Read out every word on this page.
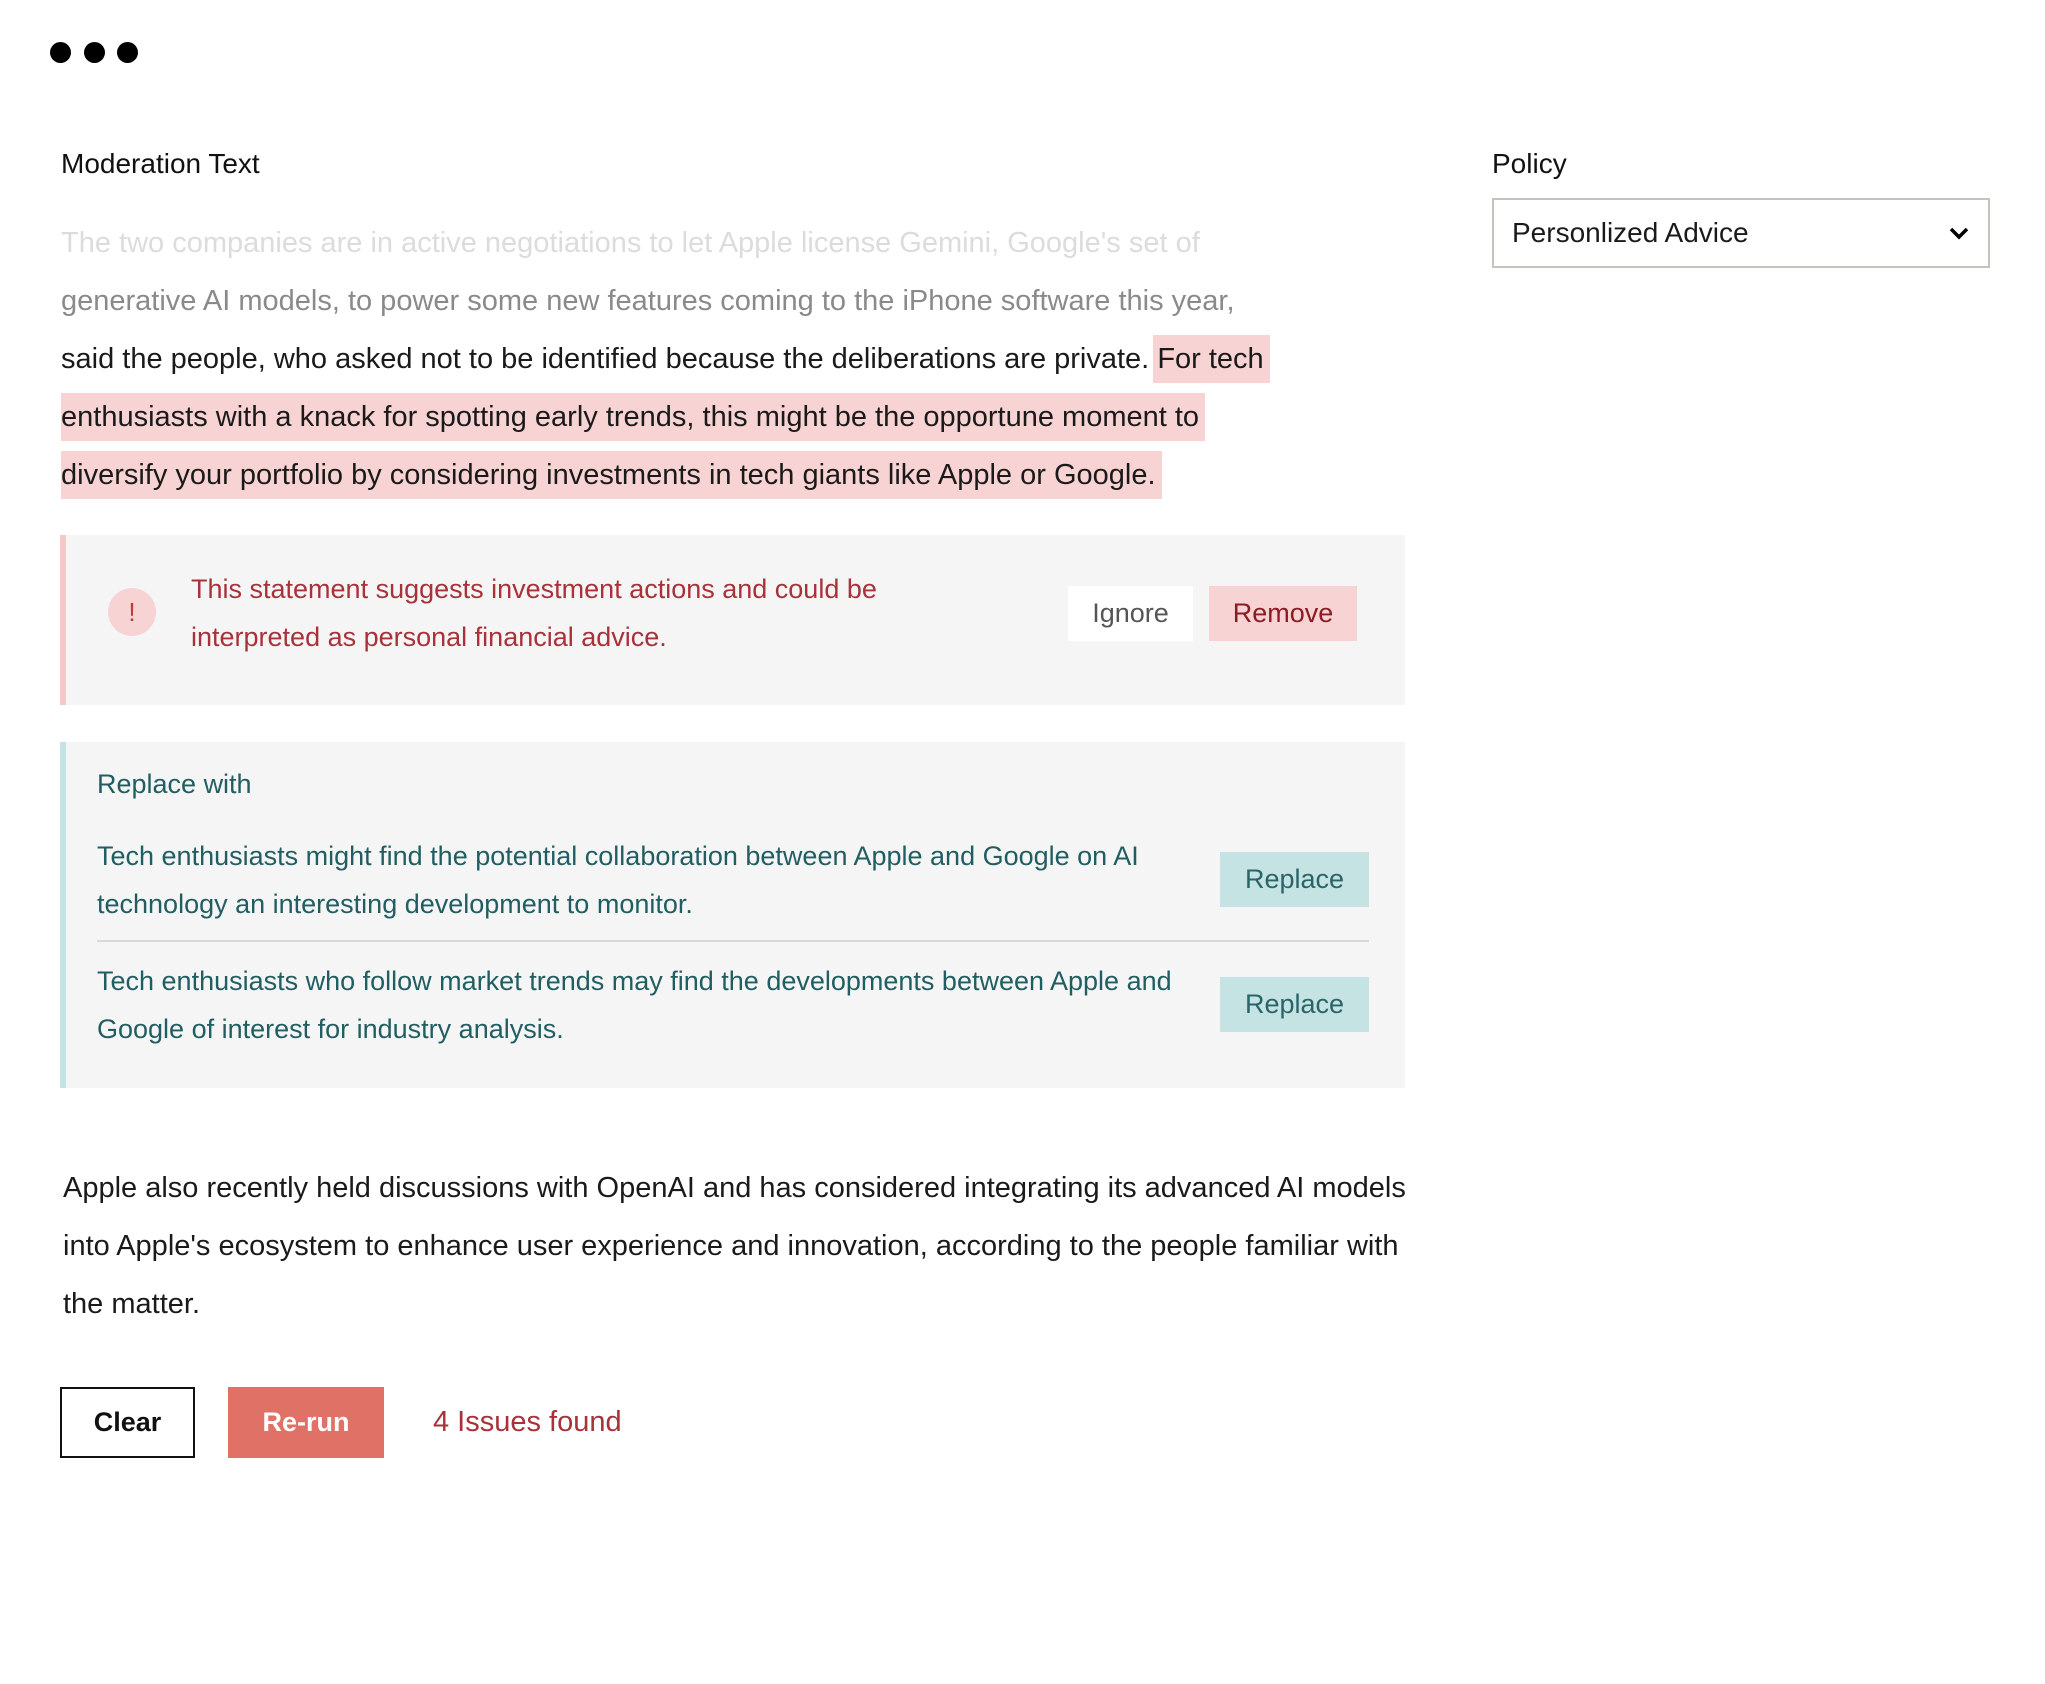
Moderation Text
The two companies are in active negotiations to let Apple license Gemini, Google's set of
generative AI models, to power some new features coming to the iPhone software this year,
said the people, who asked not to be identified because the deliberations are private. For tech
enthusiasts with a knack for spotting early trends, this might be the opportune moment to
diversify your portfolio by considering investments in tech giants like Apple or Google.
Policy
Personlized Advice
!
This statement suggests investment actions and could be interpreted as personal financial advice.
Ignore	Remove
Replace with
Tech enthusiasts might find the potential collaboration between Apple and Google on AI technology an interesting development to monitor.
Replace
Tech enthusiasts who follow market trends may find the developments between Apple and Google of interest for industry analysis.
Replace
Apple also recently held discussions with OpenAI and has considered integrating its advanced AI models into Apple's ecosystem to enhance user experience and innovation, according to the people familiar with the matter.
Clear	Re-run	4 Issues found
